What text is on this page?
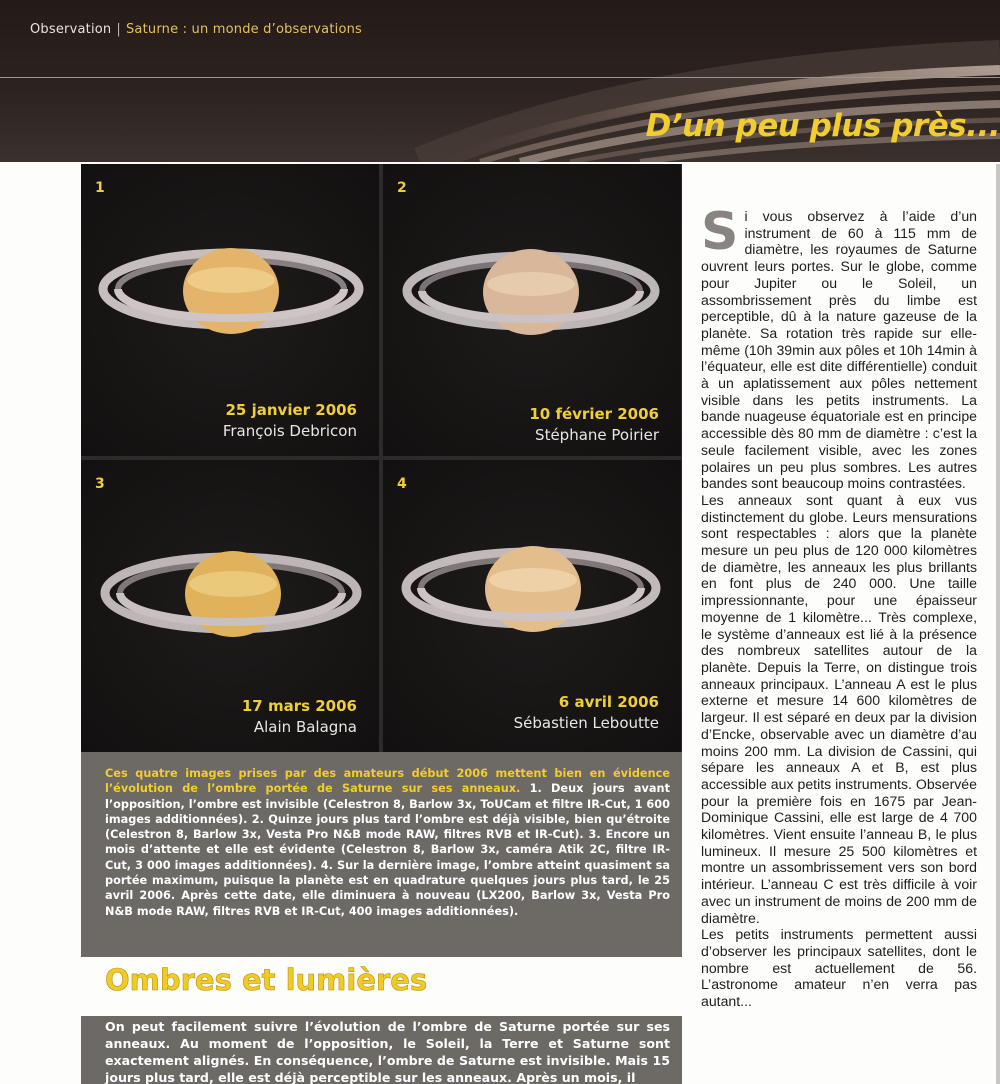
Observation | Saturne : un monde d’observations
D’un peu plus près...
1
25 janvier 2006
François Debricon
2
10 février 2006
Stéphane Poirier
3
17 mars 2006
Alain Balagna
4
6 avril 2006
Sébastien Leboutte

Ces quatre images prises par des amateurs début 2006 mettent bien en évidence l’évolution de l’ombre portée de Saturne sur ses anneaux. 1. Deux jours avant l’opposition, l’ombre est invisible (Celestron 8, Barlow 3x, ToUCam et filtre IR-Cut, 1 600 images additionnées). 2. Quinze jours plus tard l’ombre est déjà visible, bien qu’étroite (Celestron 8, Barlow 3x, Vesta Pro N&B mode RAW, filtres RVB et IR-Cut). 3. Encore un mois d’attente et elle est évidente (Celestron 8, Barlow 3x, caméra Atik 2C, filtre IR-Cut, 3 000 images additionnées). 4. Sur la dernière image, l’ombre atteint quasiment sa portée maximum, puisque la planète est en quadrature quelques jours plus tard, le 25 avril 2006. Après cette date, elle diminuera à nouveau (LX200, Barlow 3x, Vesta Pro N&B mode RAW, filtres RVB et IR-Cut, 400 images additionnées).

Ombres et lumières

On peut facilement suivre l’évolution de l’ombre de Saturne portée sur ses anneaux. Au moment de l’opposition, le Soleil, la Terre et Saturne sont exactement alignés. En conséquence, l’ombre de Saturne est invisible. Mais 15 jours plus tard, elle est déjà perceptible sur les anneaux. Après un mois, il

Si vous observez à l’aide d’un instrument de 60 à 115 mm de diamètre, les royaumes de Saturne ouvrent leurs portes. Sur le globe, comme pour Jupiter ou le Soleil, un assombrissement près du limbe est perceptible, dû à la nature gazeuse de la planète. Sa rotation très rapide sur elle-même (10h 39min aux pôles et 10h 14min à l’équateur, elle est dite différentielle) conduit à un aplatissement aux pôles nettement visible dans les petits instruments. La bande nuageuse équatoriale est en principe accessible dès 80 mm de diamètre : c’est la seule facilement visible, avec les zones polaires un peu plus sombres. Les autres bandes sont beaucoup moins contrastées.

Les anneaux sont quant à eux vus distinctement du globe. Leurs mensurations sont respectables : alors que la planète mesure un peu plus de 120 000 kilomètres de diamètre, les anneaux les plus brillants en font plus de 240 000. Une taille impressionnante, pour une épaisseur moyenne de 1 kilomètre... Très complexe, le système d’anneaux est lié à la présence des nombreux satellites autour de la planète. Depuis la Terre, on distingue trois anneaux principaux. L’anneau A est le plus externe et mesure 14 600 kilomètres de largeur. Il est séparé en deux par la division d’Encke, observable avec un diamètre d’au moins 200 mm. La division de Cassini, qui sépare les anneaux A et B, est plus accessible aux petits instruments. Observée pour la première fois en 1675 par Jean-Dominique Cassini, elle est large de 4 700 kilomètres. Vient ensuite l’anneau B, le plus lumineux. Il mesure 25 500 kilomètres et montre un assombrissement vers son bord intérieur. L’anneau C est très difficile à voir avec un instrument de moins de 200 mm de diamètre.

Les petits instruments permettent aussi d’observer les principaux satellites, dont le nombre est actuellement de 56. L’astronome amateur n’en verra pas autant...
